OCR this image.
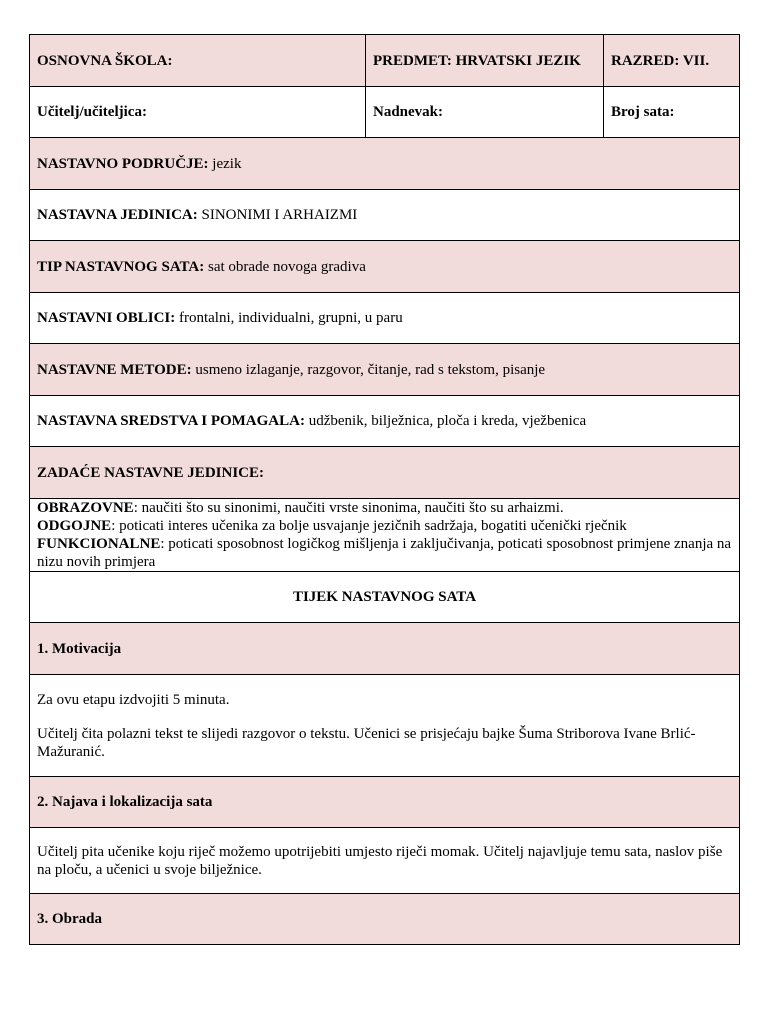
OSNOVNA ŠKOLA:	PREDMET: HRVATSKI JEZIK	RAZRED: VII.
Učitelj/učiteljica:	Nadnevak:	Broj sata:
NASTAVNO PODRUČJE: jezik		
NASTAVNA JEDINICA: SINONIMI I ARHAIZMI		
TIP NASTAVNOG SATA: sat obrade novoga gradiva		
NASTAVNI OBLICI: frontalni, individualni, grupni, u paru		
NASTAVNE METODE: usmeno izlaganje, razgovor, čitanje, rad s tekstom, pisanje		
NASTAVNA SREDSTVA I POMAGALA: udžbenik, bilježnica, ploča i kreda, vježbenica		
ZADAĆE NASTAVNE JEDINICE:		

OBRAZOVNE: naučiti što su sinonimi, naučiti vrste sinonima, naučiti što su arhaizmi.
ODGOJNE: poticati interes učenika za bolje usvajanje jezičnih sadržaja, bogatiti učenički rječnik
FUNKCIONALNE: poticati sposobnost logičkog mišljenja i zaključivanja, poticati sposobnost primjene znanja na nizu novih primjera		

TIJEK NASTAVNOG SATA		
1. Motivacija		

Za ovu etapu izdvojiti 5 minuta.
Učitelj čita polazni tekst te slijedi razgovor o tekstu. Učenici se prisjećaju bajke Šuma Striborova Ivane Brlić-Mažuranić.		

2. Najava i lokalizacija sata		

Učitelj pita učenike koju riječ možemo upotrijebiti umjesto riječi momak. Učitelj najavljuje temu sata, naslov piše na ploču, a učenici u svoje bilježnice.		

3. Obrada		
